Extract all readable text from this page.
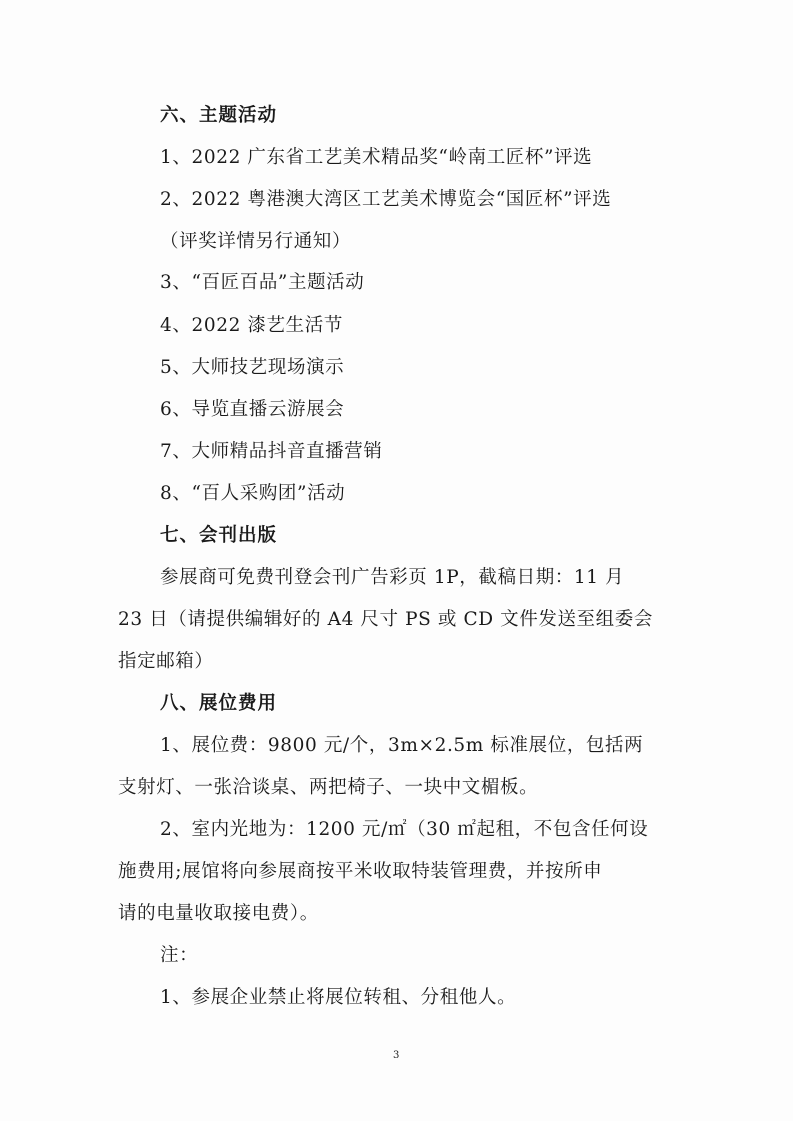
六、主题活动
1、2022 广东省工艺美术精品奖“岭南工匠杯”评选
2、2022 粤港澳大湾区工艺美术博览会“国匠杯”评选
（评奖详情另行通知）
3、“百匠百品”主题活动
4、2022 漆艺生活节
5、大师技艺现场演示
6、导览直播云游展会
7、大师精品抖音直播营销
8、“百人采购团”活动
七、会刊出版
参展商可免费刊登会刊广告彩页 1P，截稿日期：11 月
23 日（请提供编辑好的 A4 尺寸 PS 或 CD 文件发送至组委会
指定邮箱）
八、展位费用
1、展位费：9800 元/个，3m×2.5m 标准展位，包括两
支射灯、一张洽谈桌、两把椅子、一块中文楣板。
2、室内光地为：1200 元/㎡（30 ㎡起租，不包含任何设
施费用;展馆将向参展商按平米收取特装管理费，并按所申
请的电量收取接电费）。
注：
1、参展企业禁止将展位转租、分租他人。
3
